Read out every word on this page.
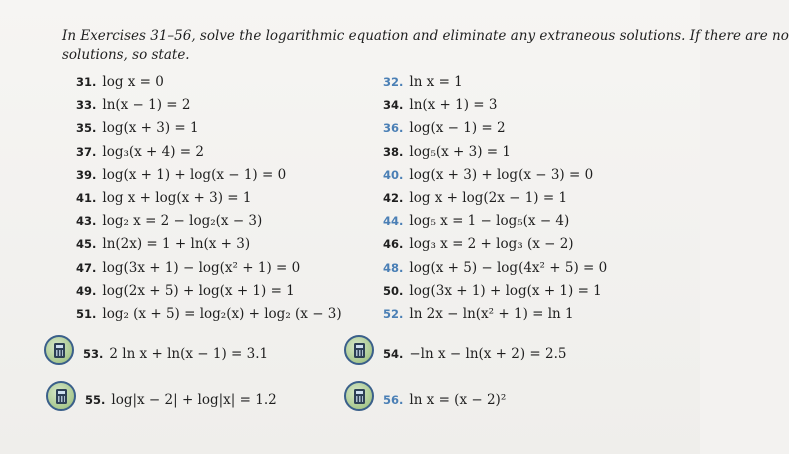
In Exercises 31–56, solve the logarithmic equation and eliminate any extraneous solutions. If there are no
solutions, so state.
31. log x = 0
33. ln(x − 1) = 2
35. log(x + 3) = 1
37. log₃(x + 4) = 2
39. log(x + 1) + log(x − 1) = 0
41. log x + log(x + 3) = 1
43. log₂ x = 2 − log₂(x − 3)
45. ln(2x) = 1 + ln(x + 3)
47. log(3x + 1) − log(x² + 1) = 0
49. log(2x + 5) + log(x + 1) = 1
51. log₂ (x + 5) = log₂(x) + log₂ (x − 3)
53. 2 ln x + ln(x − 1) = 3.1
55. log|x − 2| + log|x| = 1.2
32. ln x = 1
34. ln(x + 1) = 3
36. log(x − 1) = 2
38. log₅(x + 3) = 1
40. log(x + 3) + log(x − 3) = 0
42. log x + log(2x − 1) = 1
44. log₅ x = 1 − log₅(x − 4)
46. log₃ x = 2 + log₃ (x − 2)
48. log(x + 5) − log(4x² + 5) = 0
50. log(3x + 1) + log(x + 1) = 1
52. ln 2x − ln(x² + 1) = ln 1
54. −ln x − ln(x + 2) = 2.5
56. ln x = (x − 2)²
